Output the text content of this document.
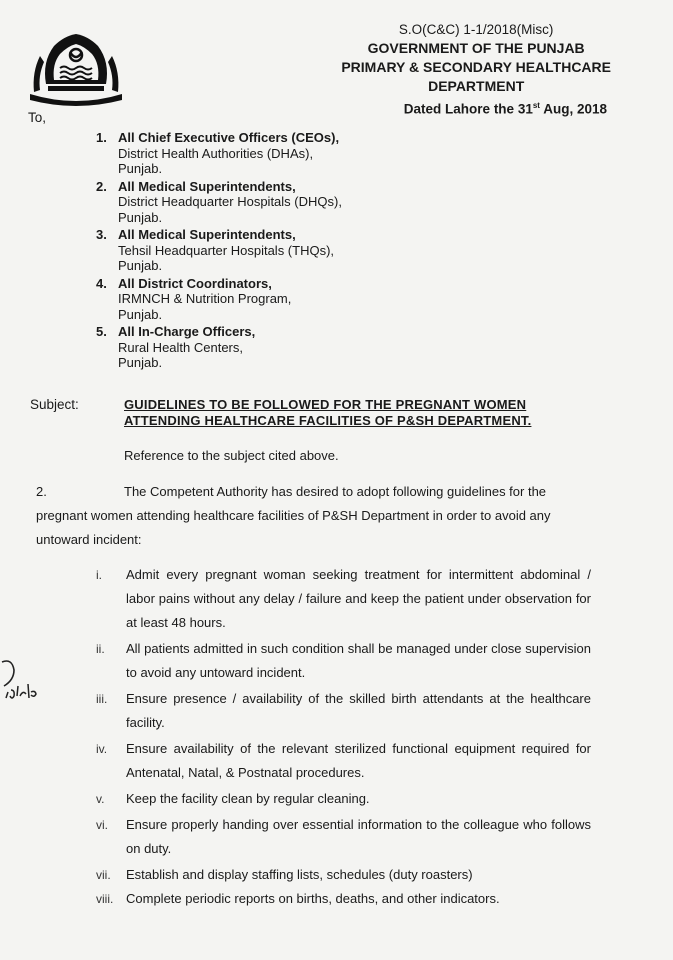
S.O(C&C) 1-1/2018(Misc)
GOVERNMENT OF THE PUNJAB
PRIMARY & SECONDARY HEALTHCARE
DEPARTMENT
Dated Lahore the 31st Aug, 2018
To,
1. All Chief Executive Officers (CEOs),
District Health Authorities (DHAs),
Punjab.
2. All Medical Superintendents,
District Headquarter Hospitals (DHQs),
Punjab.
3. All Medical Superintendents,
Tehsil Headquarter Hospitals (THQs),
Punjab.
4. All District Coordinators,
IRMNCH & Nutrition Program,
Punjab.
5. All In-Charge Officers,
Rural Health Centers,
Punjab.
Subject:	GUIDELINES TO BE FOLLOWED FOR THE PREGNANT WOMEN
ATTENDING HEALTHCARE FACILITIES OF P&SH DEPARTMENT.
Reference to the subject cited above.
2.	The Competent Authority has desired to adopt following guidelines for the pregnant women attending healthcare facilities of P&SH Department in order to avoid any untoward incident:
i.	Admit every pregnant woman seeking treatment for intermittent abdominal / labor pains without any delay / failure and keep the patient under observation for at least 48 hours.
ii.	All patients admitted in such condition shall be managed under close supervision to avoid any untoward incident.
iii.	Ensure presence / availability of the skilled birth attendants at the healthcare facility.
iv.	Ensure availability of the relevant sterilized functional equipment required for Antenatal, Natal, & Postnatal procedures.
v.	Keep the facility clean by regular cleaning.
vi.	Ensure properly handing over essential information to the colleague who follows on duty.
vii.	Establish and display staffing lists, schedules (duty roasters)
viii. Complete periodic reports on births, deaths, and other indicators.
